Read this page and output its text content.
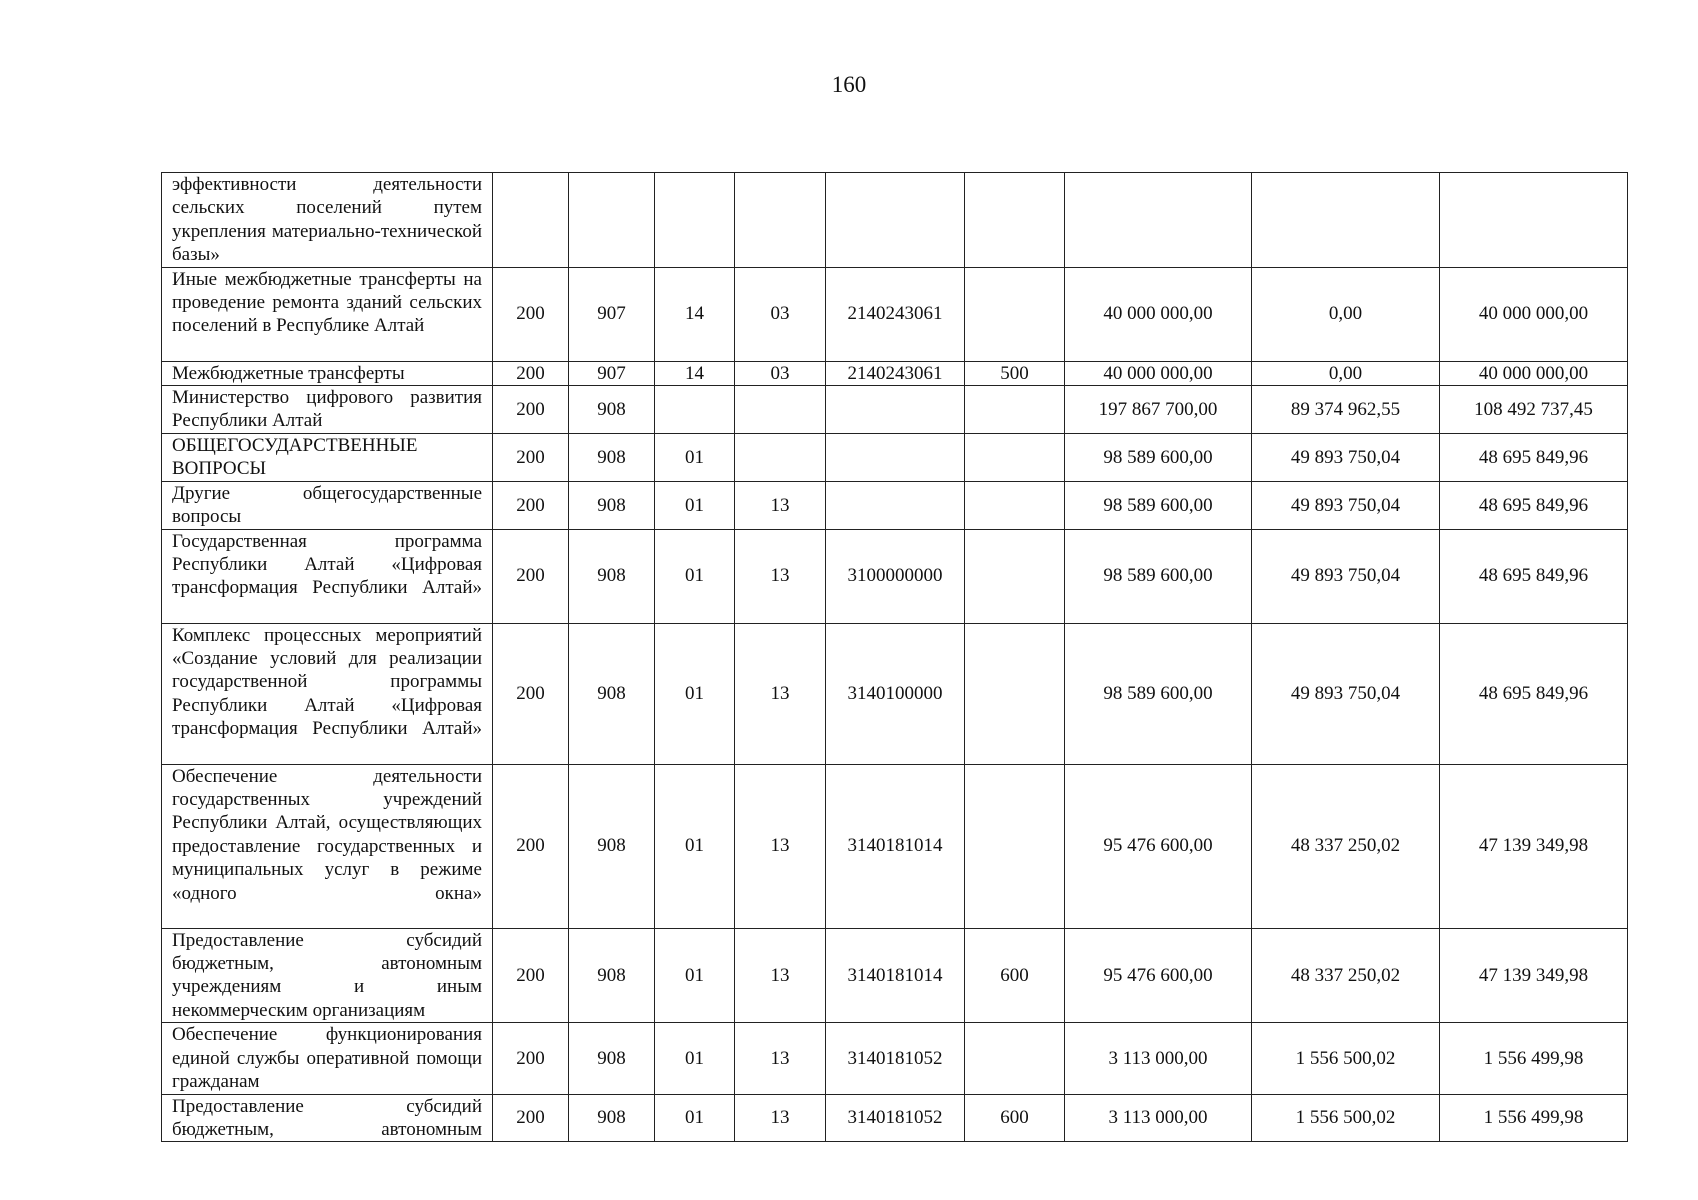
160
эффективности деятельности сельских поселений путем укрепления материально-технической базы»									

Иные межбюджетные трансферты на проведение ремонта зданий сельских поселений в Республике Алтай	200	907	14	03	2140243061		40 000 000,00	0,00	40 000 000,00

Межбюджетные трансферты	200	907	14	03	2140243061	500	40 000 000,00	0,00	40 000 000,00

Министерство цифрового развития Республики Алтай	200	908					197 867 700,00	89 374 962,55	108 492 737,45

ОБЩЕГОСУДАРСТВЕННЫЕ ВОПРОСЫ	200	908	01				98 589 600,00	49 893 750,04	48 695 849,96

Другие общегосударственные вопросы	200	908	01	13			98 589 600,00	49 893 750,04	48 695 849,96

Государственная программа Республики Алтай «Цифровая трансформация Республики Алтай»	200	908	01	13	3100000000		98 589 600,00	49 893 750,04	48 695 849,96

Комплекс процессных мероприятий «Создание условий для реализации государственной программы Республики Алтай «Цифровая трансформация Республики Алтай»	200	908	01	13	3140100000		98 589 600,00	49 893 750,04	48 695 849,96

Обеспечение деятельности государственных учреждений Республики Алтай, осуществляющих предоставление государственных и муниципальных услуг в режиме «одного окна»	200	908	01	13	3140181014		95 476 600,00	48 337 250,02	47 139 349,98

Предоставление субсидий бюджетным, автономным учреждениям и иным некоммерческим организациям	200	908	01	13	3140181014	600	95 476 600,00	48 337 250,02	47 139 349,98

Обеспечение функционирования единой службы оперативной помощи гражданам	200	908	01	13	3140181052		3 113 000,00	1 556 500,02	1 556 499,98

Предоставление субсидий бюджетным, автономным	200	908	01	13	3140181052	600	3 113 000,00	1 556 500,02	1 556 499,98
